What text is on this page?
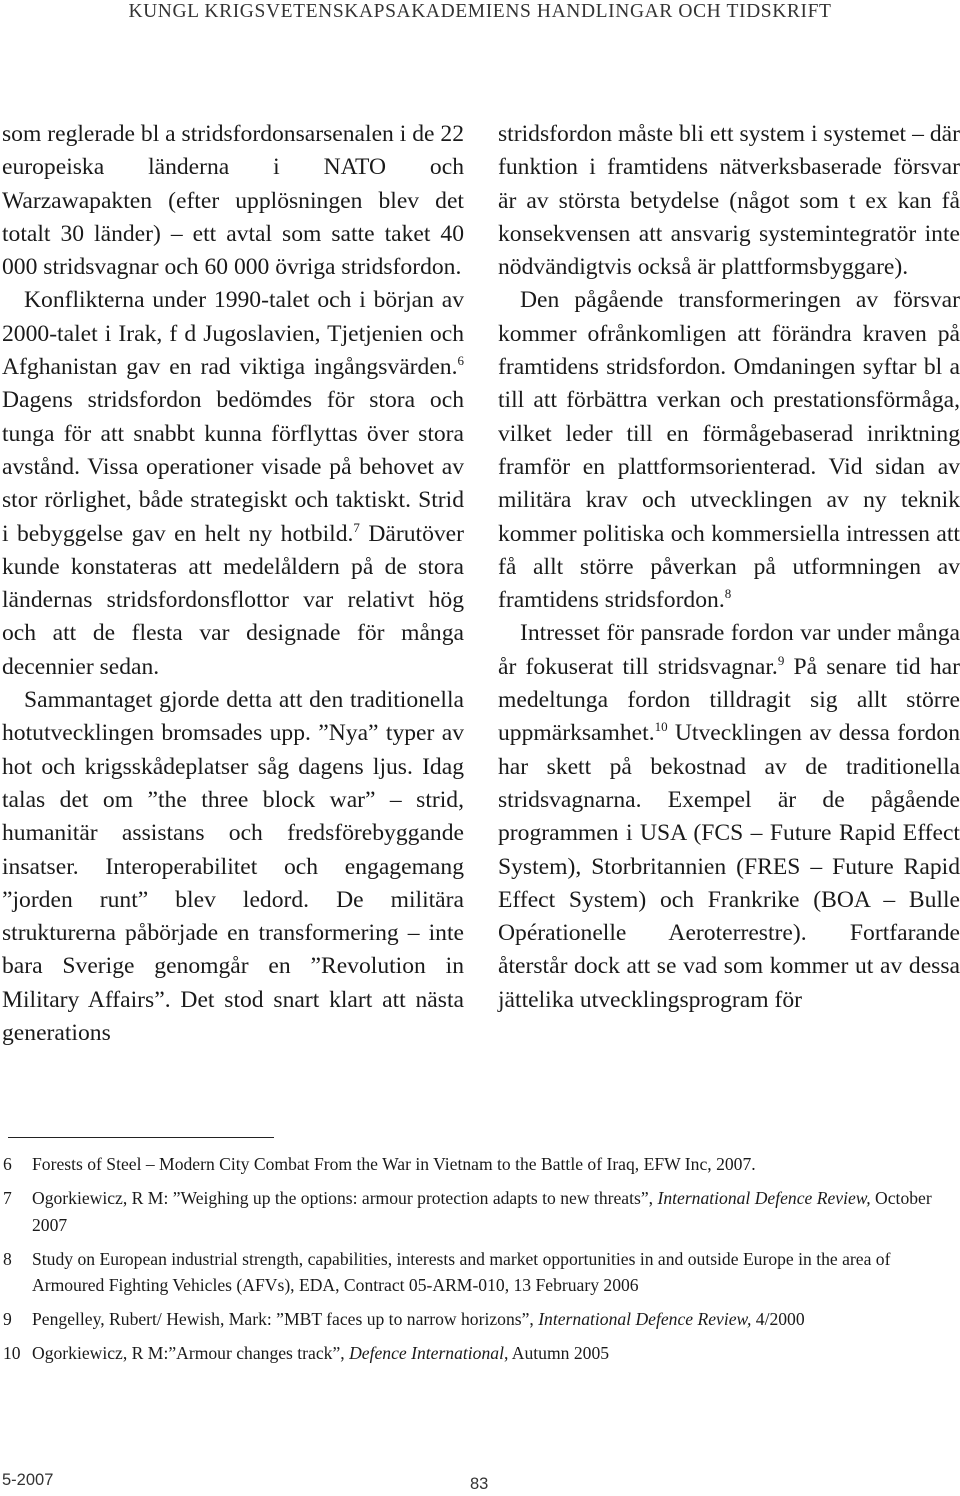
KUNGL KRIGSVETENSKAPSAKADEMIENS HANDLINGAR OCH TIDSKRIFT

som reglerade bl a stridsfordonsarsenalen i de 22 europeiska länderna i NATO och Warzawapakten (efter upplösningen blev det totalt 30 länder) – ett avtal som satte taket 40 000 stridsvagnar och 60 000 övriga stridsfordon.

Konflikterna under 1990-talet och i början av 2000-talet i Irak, f d Jugoslavien, Tjetjenien och Afghanistan gav en rad viktiga ingångsvärden.$^6$ Dagens stridsfordon bedömdes för stora och tunga för att snabbt kunna förflyttas över stora avstånd. Vissa operationer visade på behovet av stor rörlighet, både strategiskt och taktiskt. Strid i bebyggelse gav en helt ny hotbild.$^7$ Därutöver kunde konstateras att medelåldern på de stora ländernas stridsfordonsflottor var relativt hög och att de flesta var designade för många decennier sedan.

Sammantaget gjorde detta att den traditionella hotutvecklingen bromsades upp. ”Nya” typer av hot och krigsskådeplatser såg dagens ljus. Idag talas det om ”the three block war” – strid, humanitär assistans och fredsförebyggande insatser. Interoperabilitet och engagemang ”jorden runt” blev ledord. De militära strukturerna påbörjade en transformering – inte bara Sverige genomgår en ”Revolution in Military Affairs”. Det stod snart klart att nästa generations

stridsfordon måste bli ett system i systemet – där funktion i framtidens nätverksbaserade försvar är av största betydelse (något som t ex kan få konsekvensen att ansvarig systemintegratör inte nödvändigtvis också är plattformsbyggare).

Den pågående transformeringen av försvar kommer ofrånkomligen att förändra kraven på framtidens stridsfordon. Omdaningen syftar bl a till att förbättra verkan och prestationsförmåga, vilket leder till en förmågebaserad inriktning framför en plattformsorienterad. Vid sidan av militära krav och utvecklingen av ny teknik kommer politiska och kommersiella intressen att få allt större påverkan på utformningen av framtidens stridsfordon.$^8$

Intresset för pansrade fordon var under många år fokuserat till stridsvagnar.$^9$ På senare tid har medeltunga fordon tilldragit sig allt större uppmärksamhet.$^{10}$ Utvecklingen av dessa fordon har skett på bekostnad av de traditionella stridsvagnarna. Exempel är de pågående programmen i USA (FCS – Future Rapid Effect System), Storbritannien (FRES – Future Rapid Effect System) och Frankrike (BOA – Bulle Opérationelle Aeroterrestre). Fortfarande återstår dock att se vad som kommer ut av dessa jättelika utvecklingsprogram för

6 Forests of Steel – Modern City Combat From the War in Vietnam to the Battle of Iraq, EFW Inc, 2007.
7 Ogorkiewicz, R M: ”Weighing up the options: armour protection adapts to new threats”, International Defence Review, October 2007
8 Study on European industrial strength, capabilities, interests and market opportunities in and outside Europe in the area of Armoured Fighting Vehicles (AFVs), EDA, Contract 05-ARM-010, 13 February 2006
9 Pengelley, Rubert/ Hewish, Mark: ”MBT faces up to narrow horizons”, International Defence Review, 4/2000
10 Ogorkiewicz, R M:”Armour changes track”, Defence International, Autumn 2005
5-2007	83
